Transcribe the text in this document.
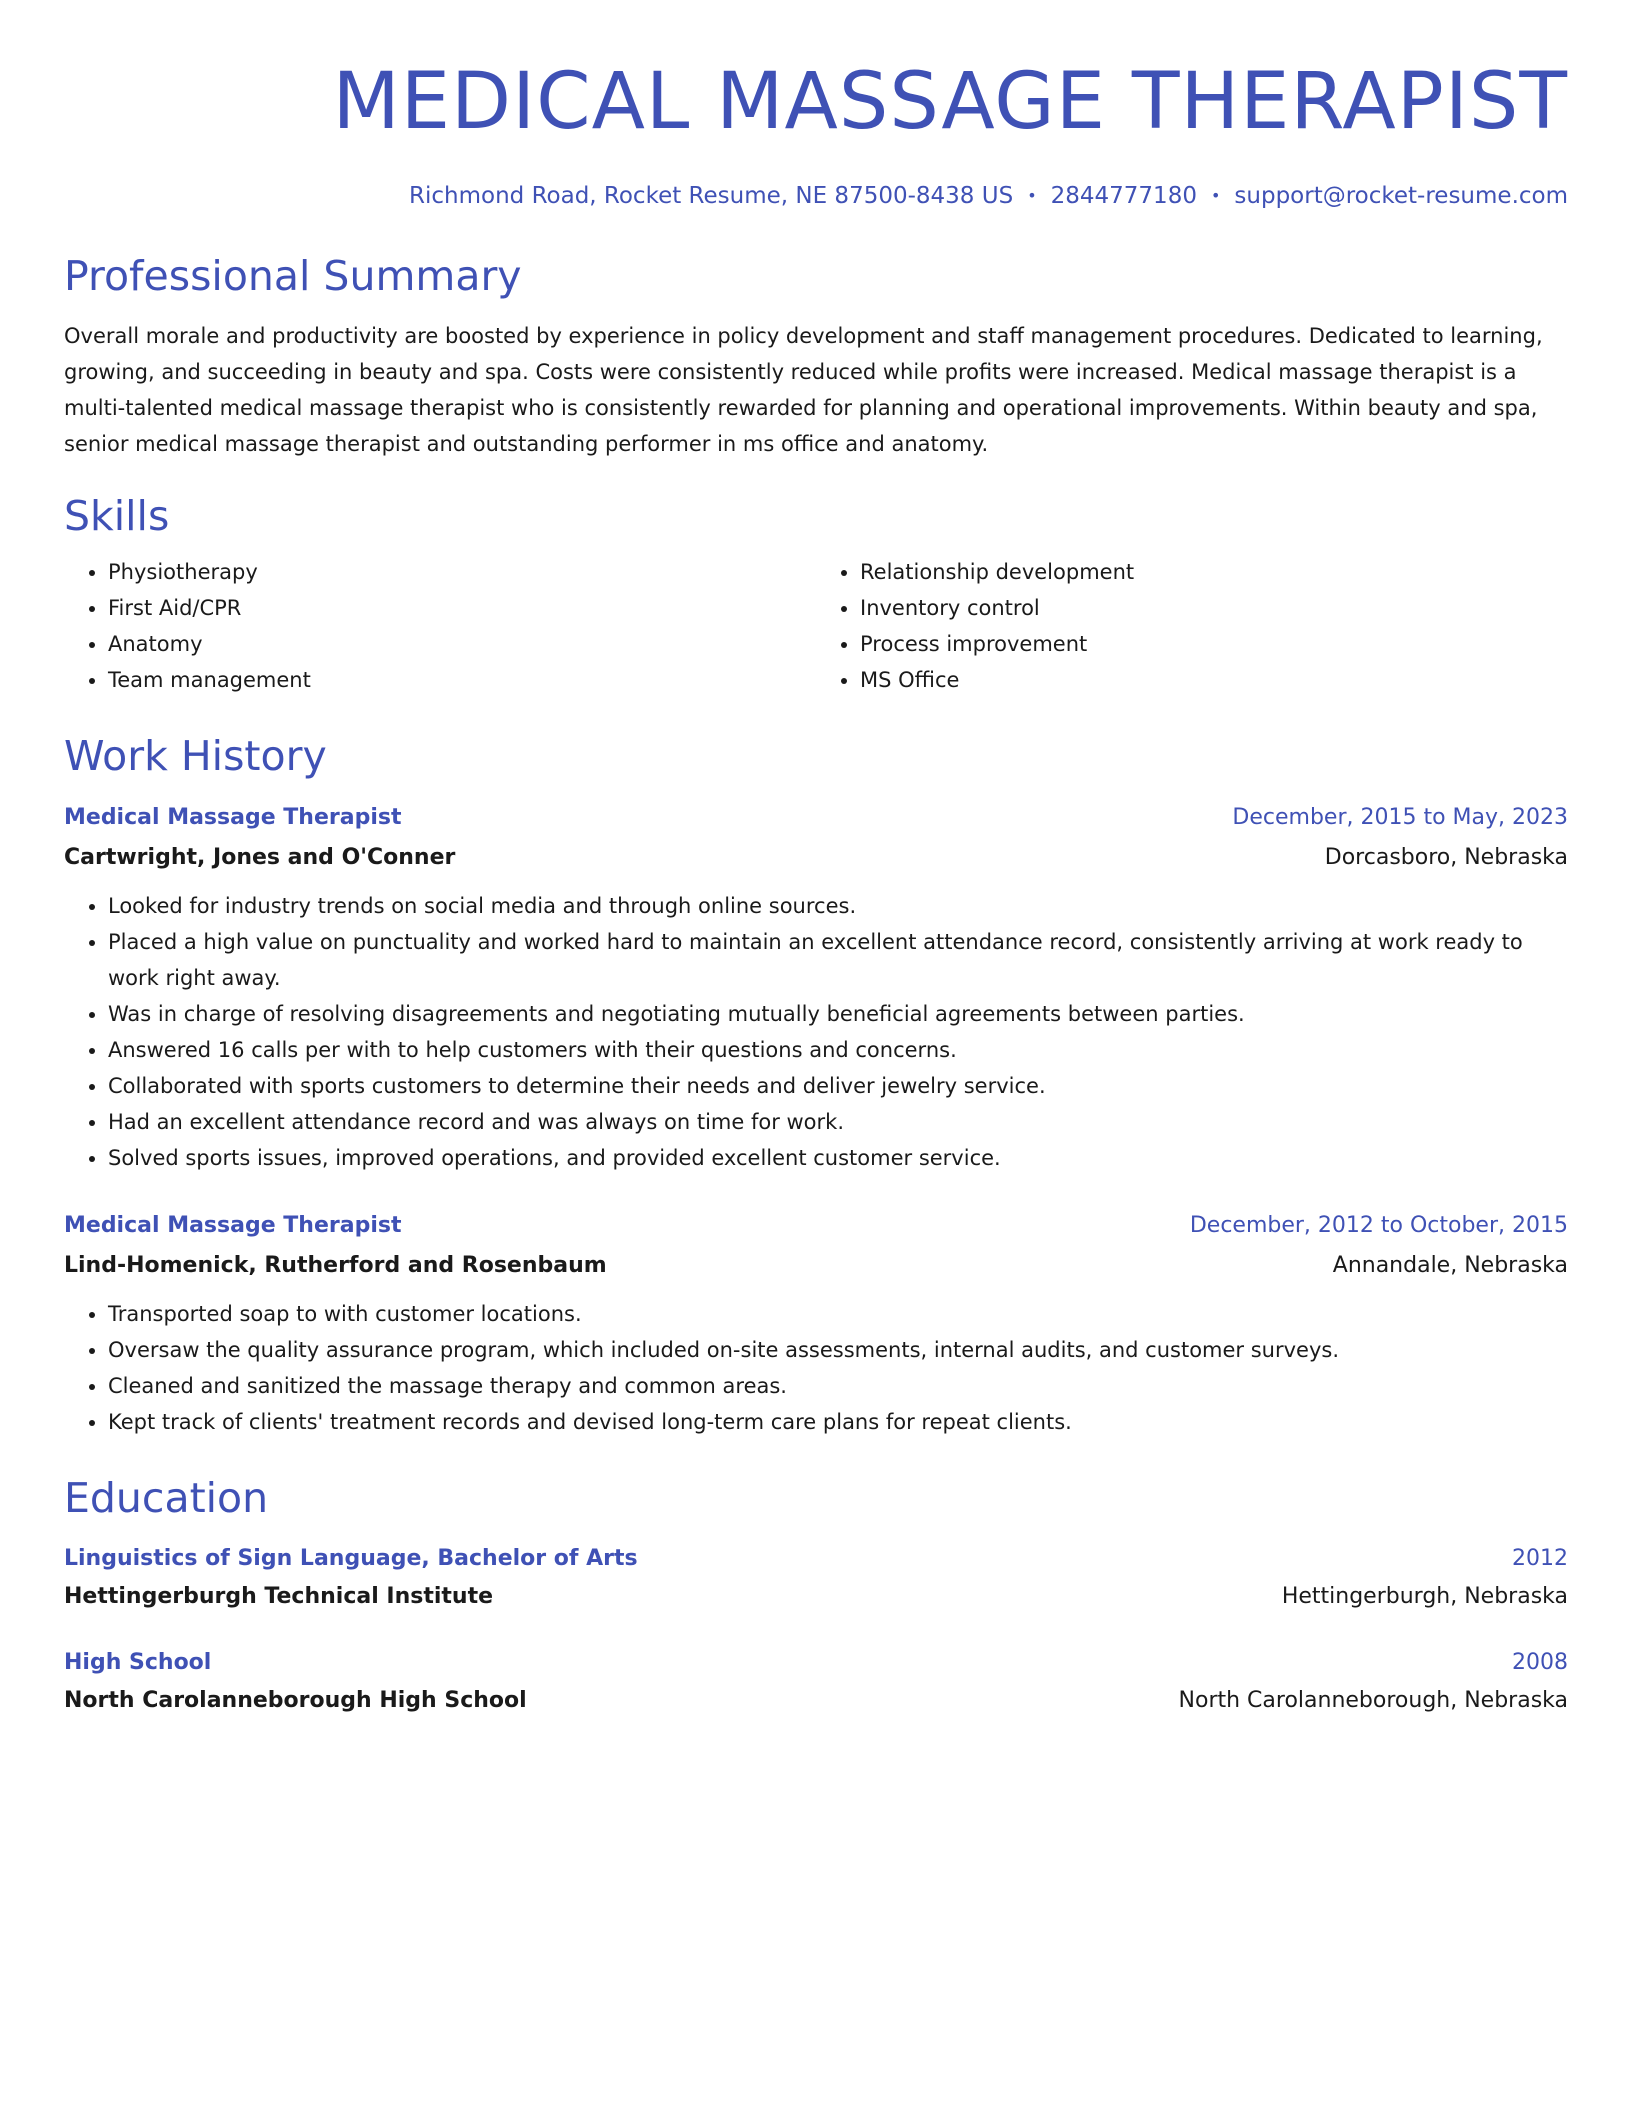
MEDICAL MASSAGE THERAPIST
Richmond Road, Rocket Resume, NE 87500-8438 US • 2844777180 • support@rocket-resume.com
Professional Summary

Overall morale and productivity are boosted by experience in policy development and staff management procedures. Dedicated to learning, growing, and succeeding in beauty and spa. Costs were consistently reduced while profits were increased. Medical massage therapist is a multi-talented medical massage therapist who is consistently rewarded for planning and operational improvements. Within beauty and spa, senior medical massage therapist and outstanding performer in ms office and anatomy.

Skills
• Physiotherapy
• First Aid/CPR
• Anatomy
• Team management
• Relationship development
• Inventory control
• Process improvement
• MS Office
Work History
Medical Massage Therapist	December, 2015 to May, 2023
Cartwright, Jones and O'Conner	Dorcasboro, Nebraska
• Looked for industry trends on social media and through online sources.
• Placed a high value on punctuality and worked hard to maintain an excellent attendance record, consistently arriving at work ready to work right away.
• Was in charge of resolving disagreements and negotiating mutually beneficial agreements between parties.
• Answered 16 calls per with to help customers with their questions and concerns.
• Collaborated with sports customers to determine their needs and deliver jewelry service.
• Had an excellent attendance record and was always on time for work.
• Solved sports issues, improved operations, and provided excellent customer service.
Medical Massage Therapist	December, 2012 to October, 2015
Lind-Homenick, Rutherford and Rosenbaum	Annandale, Nebraska
• Transported soap to with customer locations.
• Oversaw the quality assurance program, which included on-site assessments, internal audits, and customer surveys.
• Cleaned and sanitized the massage therapy and common areas.
• Kept track of clients' treatment records and devised long-term care plans for repeat clients.
Education
Linguistics of Sign Language, Bachelor of Arts	2012
Hettingerburgh Technical Institute	Hettingerburgh, Nebraska
High School	2008
North Carolanneborough High School	North Carolanneborough, Nebraska
